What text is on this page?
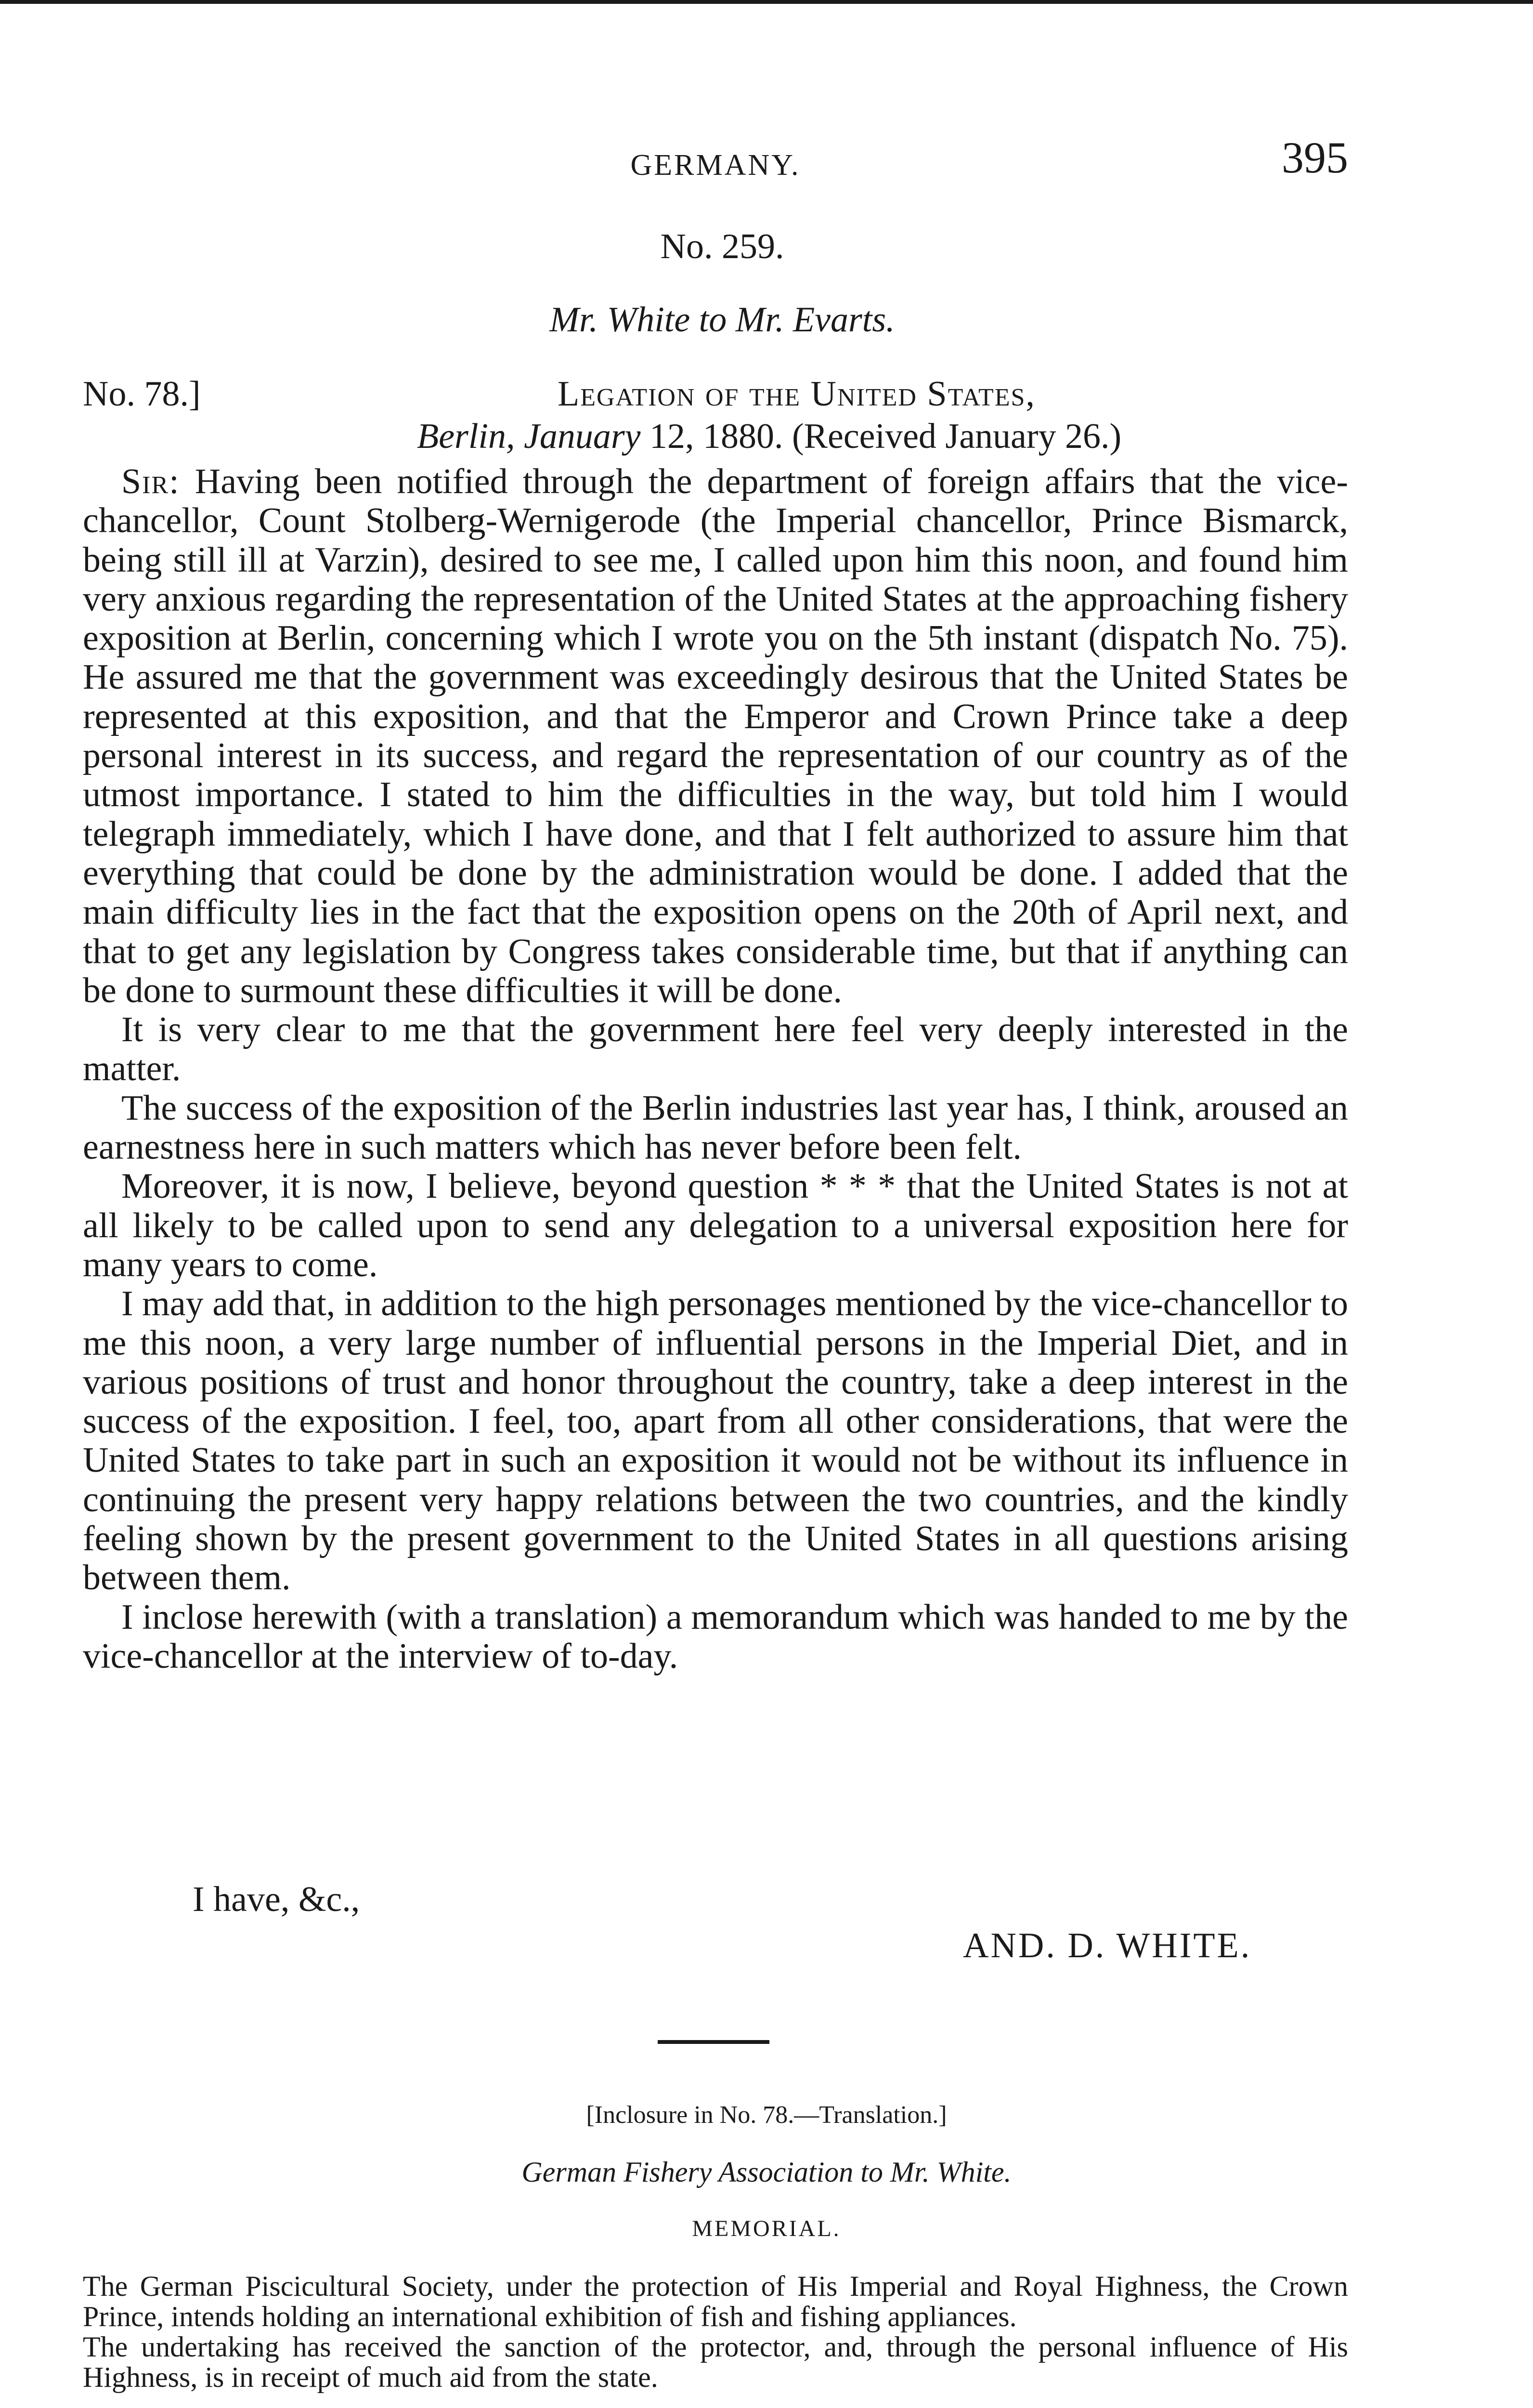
GERMANY.	395
No. 259.
Mr. White to Mr. Evarts.
No. 78.]	Legation of the United States,
Berlin, January 12, 1880. (Received January 26.)

Sir: Having been notified through the department of foreign affairs that the vice-chancellor, Count Stolberg-Wernigerode (the Imperial chancellor, Prince Bismarck, being still ill at Varzin), desired to see me, I called upon him this noon, and found him very anxious regarding the representation of the United States at the approaching fishery exposition at Berlin, concerning which I wrote you on the 5th instant (dispatch No. 75). He assured me that the government was exceedingly desirous that the United States be represented at this exposition, and that the Emperor and Crown Prince take a deep personal interest in its success, and regard the representation of our country as of the utmost importance. I stated to him the difficulties in the way, but told him I would telegraph immediately, which I have done, and that I felt authorized to assure him that everything that could be done by the administration would be done. I added that the main difficulty lies in the fact that the exposition opens on the 20th of April next, and that to get any legislation by Congress takes considerable time, but that if anything can be done to surmount these difficulties it will be done.

It is very clear to me that the government here feel very deeply interested in the matter.

The success of the exposition of the Berlin industries last year has, I think, aroused an earnestness here in such matters which has never before been felt.

Moreover, it is now, I believe, beyond question * * * that the United States is not at all likely to be called upon to send any delegation to a universal exposition here for many years to come.

I may add that, in addition to the high personages mentioned by the vice-chancellor to me this noon, a very large number of influential persons in the Imperial Diet, and in various positions of trust and honor throughout the country, take a deep interest in the success of the exposition. I feel, too, apart from all other considerations, that were the United States to take part in such an exposition it would not be without its influence in continuing the present very happy relations between the two countries, and the kindly feeling shown by the present government to the United States in all questions arising between them.

I inclose herewith (with a translation) a memorandum which was handed to me by the vice-chancellor at the interview of to-day.

I have, &c.,
AND. D. WHITE.
[Inclosure in No. 78.—Translation.]
German Fishery Association to Mr. White.
MEMORIAL.

The German Piscicultural Society, under the protection of His Imperial and Royal Highness, the Crown Prince, intends holding an international exhibition of fish and fishing appliances.

The undertaking has received the sanction of the protector, and, through the personal influence of His Highness, is in receipt of much aid from the state.
